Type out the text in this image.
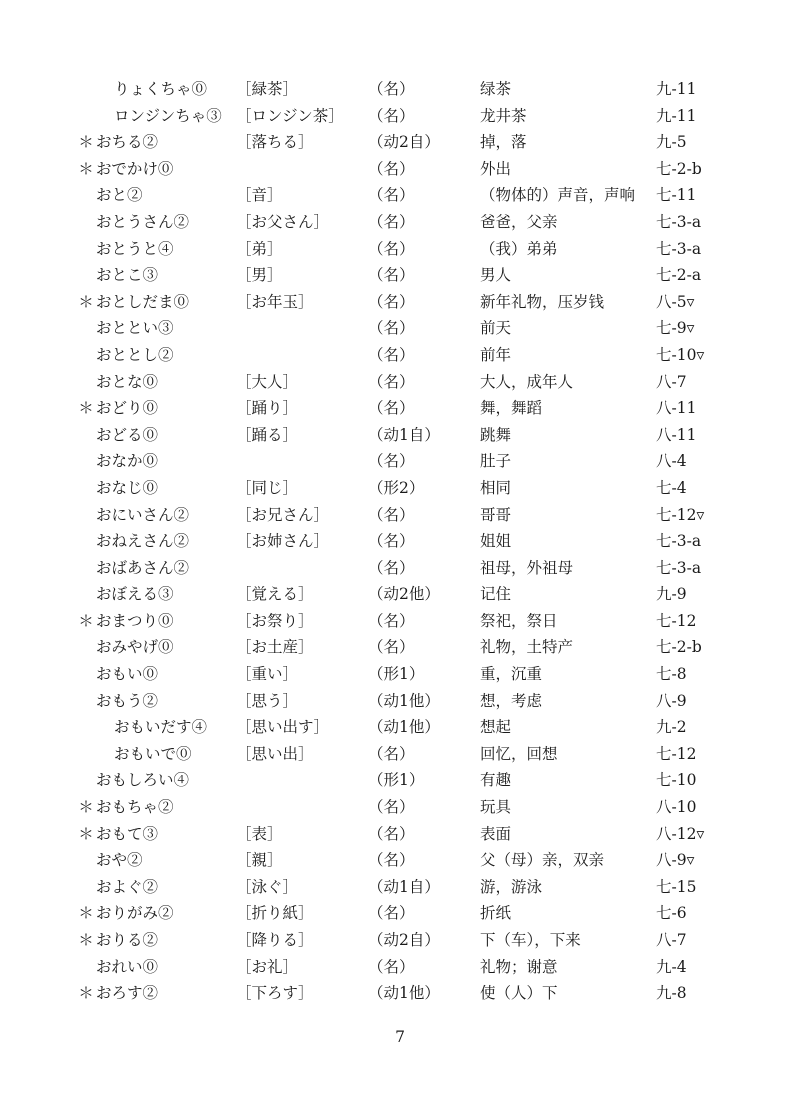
りょくちゃ⓪ ［緑茶］	（名）	绿茶	九-11
ロンジンちゃ③ ［ロンジン茶］ （名）	龙井茶	九-11
＊ おちる②	［落ちる］	（动2自）	掉，落	九-5
＊ おでかけ⓪	（名）	外出	七-2-b
おと②	［音］	（名）	（物体的）声音，声响 七-11
おとうさん②	［お父さん］	（名）	爸爸，父亲	七-3-a
おとうと④	［弟］	（名）	（我）弟弟	七-3-a
おとこ③	［男］	（名）	男人	七-2-a
＊ おとしだま⓪	［お年玉］	（名）	新年礼物，压岁钱	八-5▿
おととい③	（名）	前天	七-9▿
おととし②	（名）	前年	七-10▿
おとな⓪	［大人］	（名）	大人，成年人	八-7
＊ おどり⓪	［踊り］	（名）	舞，舞蹈	八-11
おどる⓪	［踊る］	（动1自）	跳舞	八-11
おなか⓪	（名）	肚子	八-4
おなじ⓪	［同じ］	（形2）	相同	七-4
おにいさん②	［お兄さん］	（名）	哥哥	七-12▿
おねえさん②	［お姉さん］	（名）	姐姐	七-3-a
おばあさん②	（名）	祖母，外祖母	七-3-a
おぼえる③	［覚える］	（动2他）	记住	九-9
＊ おまつり⓪	［お祭り］	（名）	祭祀，祭日	七-12
おみやげ⓪	［お土産］	（名）	礼物，土特产	七-2-b
おもい⓪	［重い］	（形1）	重，沉重	七-8
おもう②	［思う］	（动1他）	想，考虑	八-9
おもいだす④ ［思い出す］	（动1他）	想起	九-2
おもいで⓪	［思い出］	（名）	回忆，回想	七-12
おもしろい④	（形1）	有趣	七-10
＊ おもちゃ②	（名）	玩具	八-10
＊ おもて③	［表］	（名）	表面	八-12▿
おや②	［親］	（名）	父（母）亲，双亲	八-9▿
およぐ②	［泳ぐ］	（动1自）	游，游泳	七-15
＊ おりがみ②	［折り紙］	（名）	折纸	七-6
＊ おりる②	［降りる］	（动2自）	下（车），下来	八-7
おれい⓪	［お礼］	（名）	礼物；谢意	九-4
＊ おろす②	［下ろす］	（动1他）	使（人）下	九-8
7
